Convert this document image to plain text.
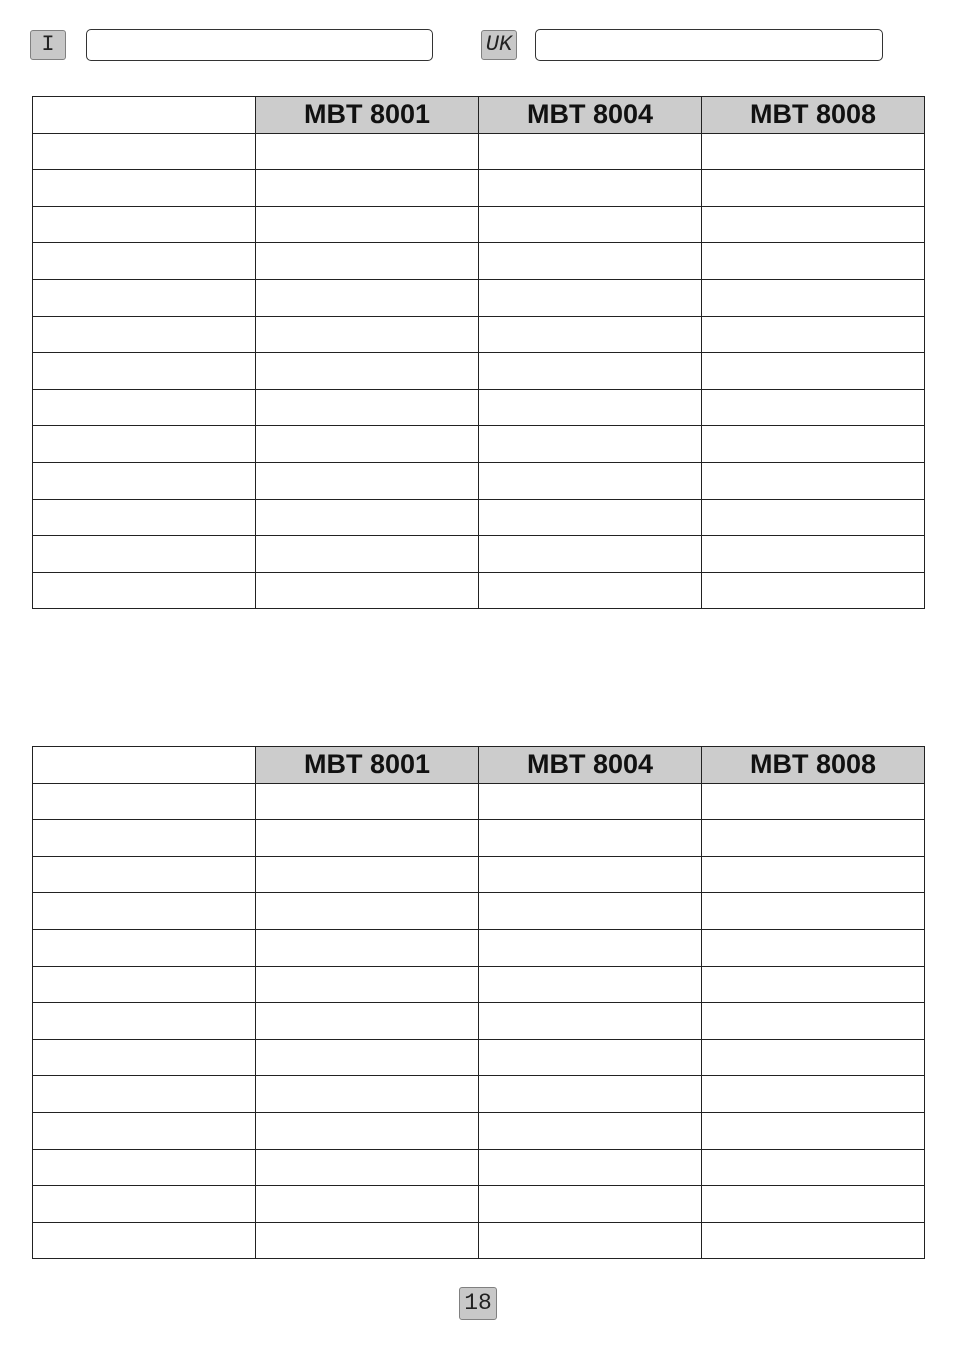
I	UK
	MBT 8001	MBT 8004	MBT 8008

	MBT 8001	MBT 8004	MBT 8008

18
